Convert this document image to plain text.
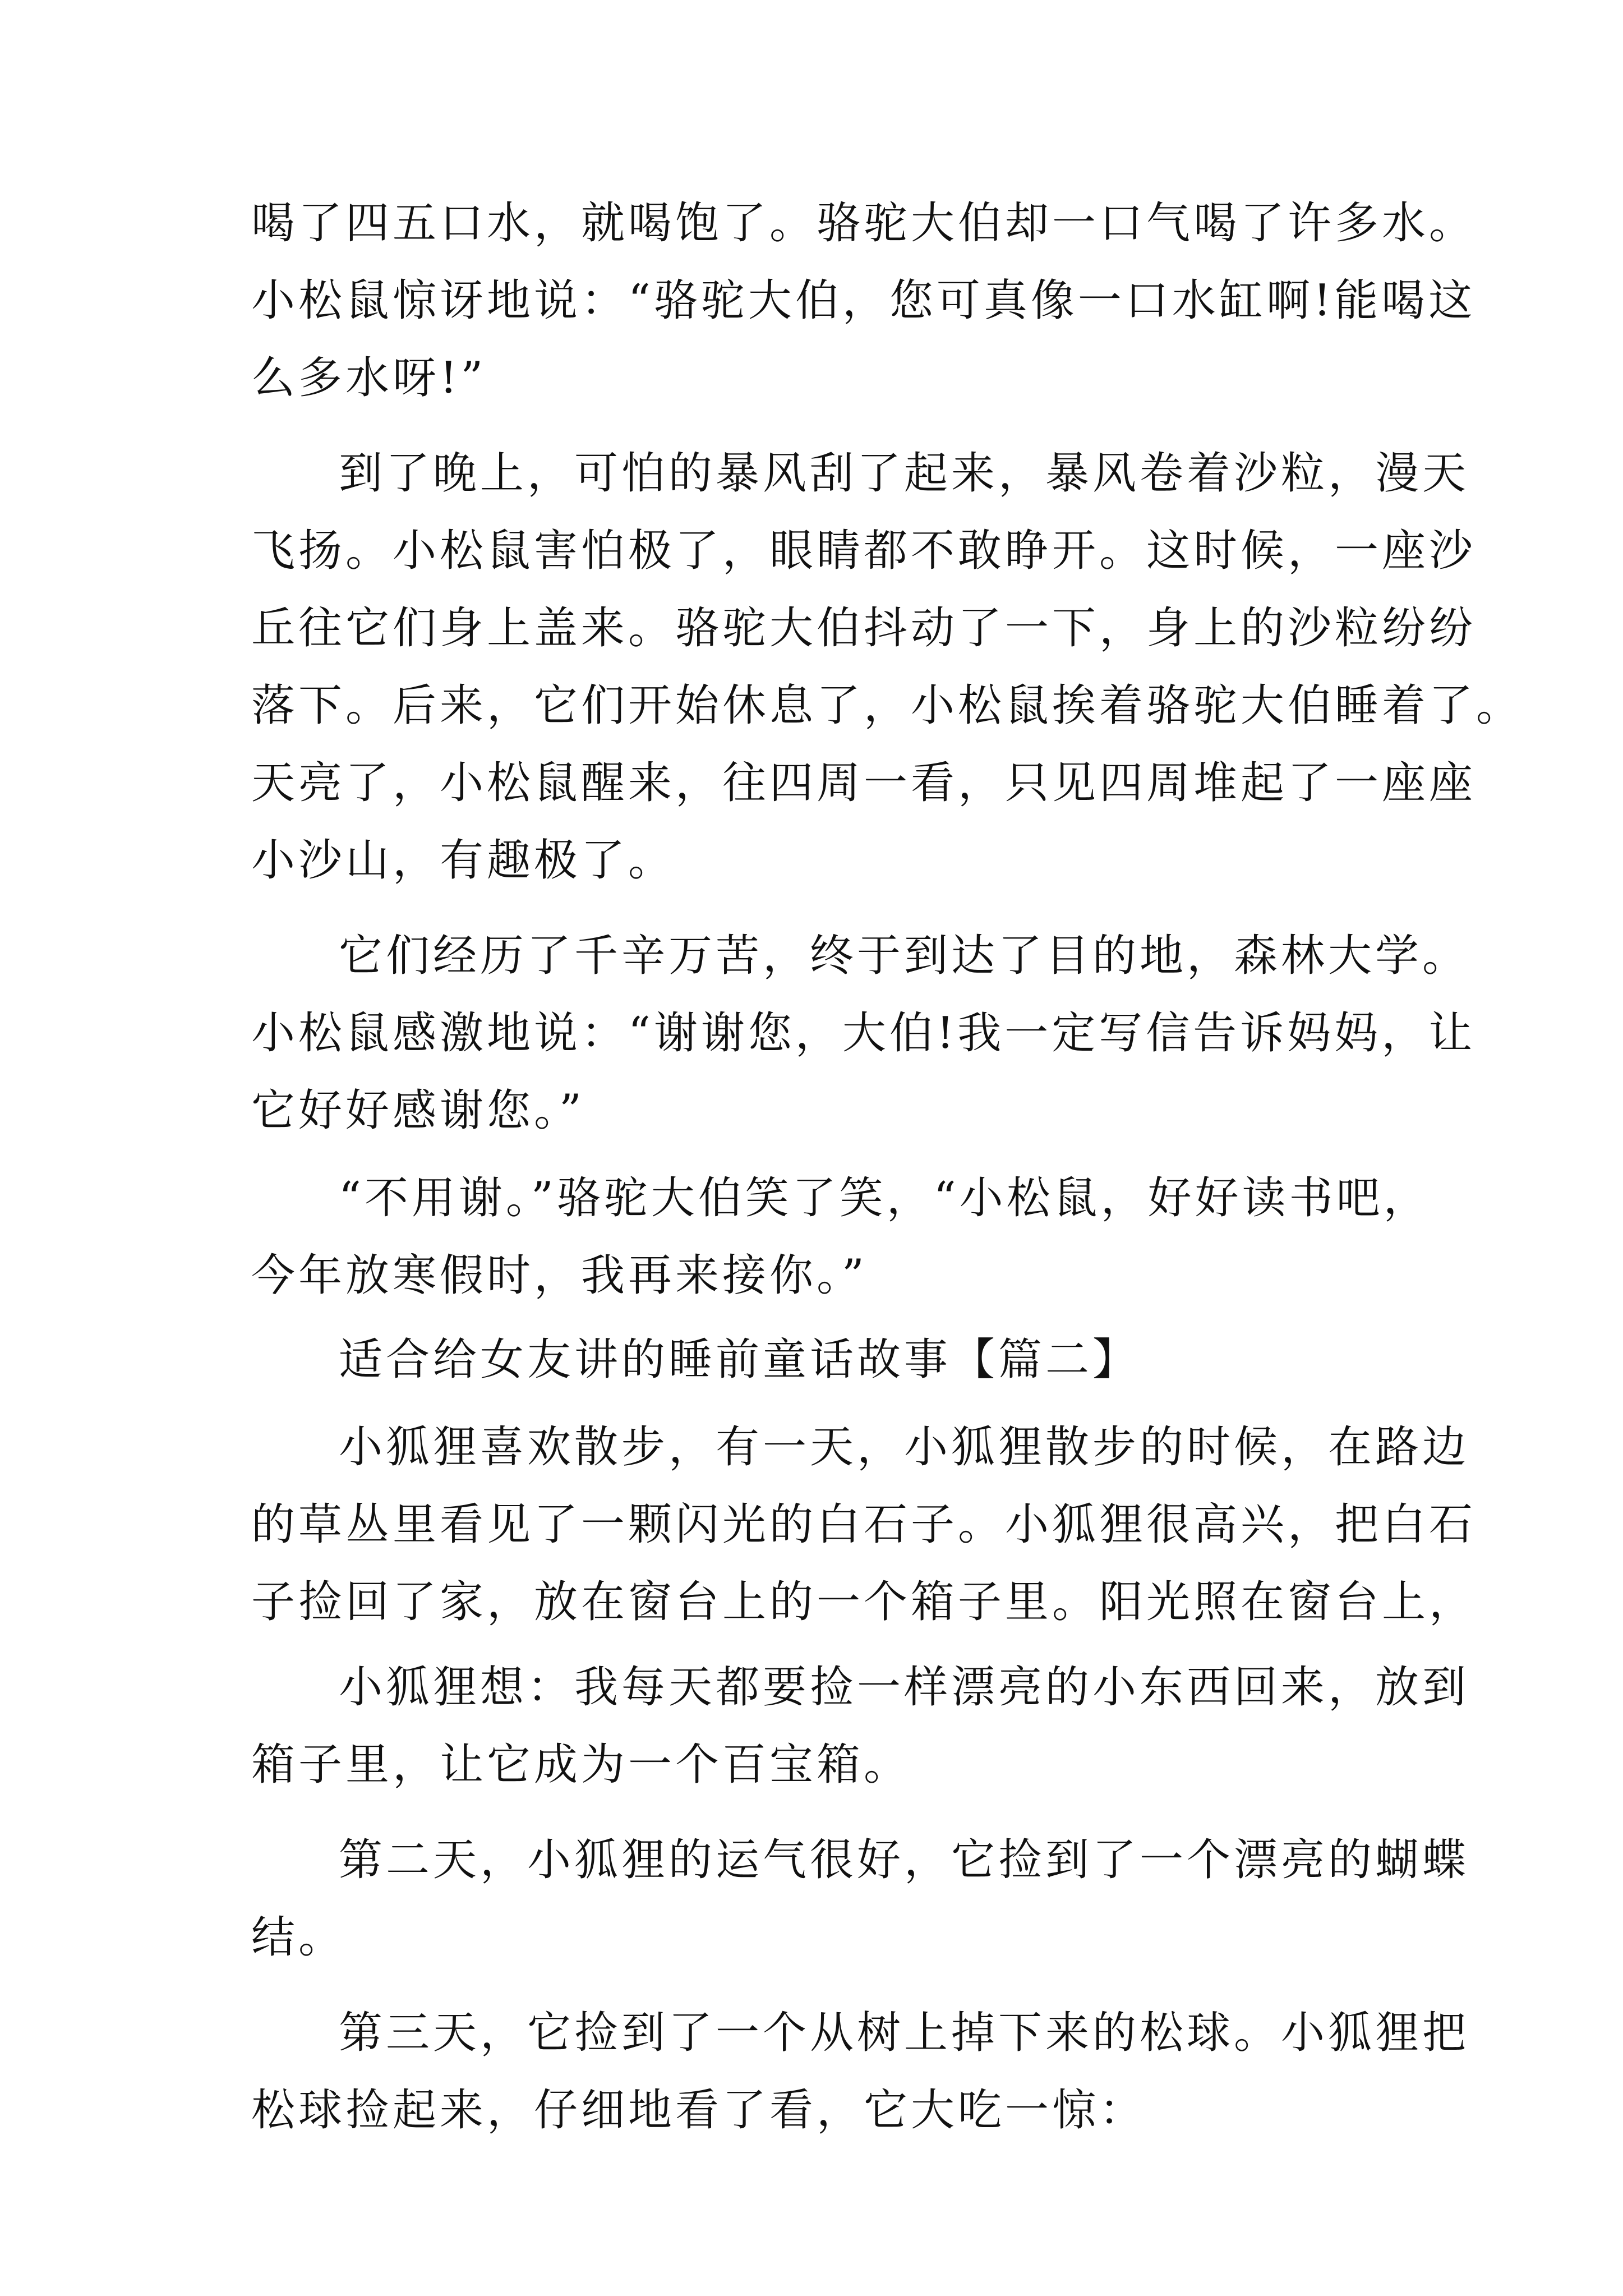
喝了四五口水，就喝饱了。骆驼大伯却一口气喝了许多水。
小松鼠惊讶地说：“骆驼大伯，您可真像一口水缸啊!能喝这
么多水呀!”
到了晚上，可怕的暴风刮了起来，暴风卷着沙粒，漫天
飞扬。小松鼠害怕极了，眼睛都不敢睁开。这时候，一座沙
丘往它们身上盖来。骆驼大伯抖动了一下，身上的沙粒纷纷
落下。后来，它们开始休息了，小松鼠挨着骆驼大伯睡着了。
天亮了，小松鼠醒来，往四周一看，只见四周堆起了一座座
小沙山，有趣极了。
它们经历了千辛万苦，终于到达了目的地，森林大学。
小松鼠感激地说：“谢谢您，大伯!我一定写信告诉妈妈，让
它好好感谢您。”
“不用谢。”骆驼大伯笑了笑，“小松鼠，好好读书吧，
今年放寒假时，我再来接你。”
适合给女友讲的睡前童话故事【篇二】
小狐狸喜欢散步，有一天，小狐狸散步的时候，在路边
的草丛里看见了一颗闪光的白石子。小狐狸很高兴，把白石
子捡回了家，放在窗台上的一个箱子里。阳光照在窗台上，
小狐狸想：我每天都要捡一样漂亮的小东西回来，放到
箱子里，让它成为一个百宝箱。
第二天，小狐狸的运气很好，它捡到了一个漂亮的蝴蝶
结。
第三天，它捡到了一个从树上掉下来的松球。小狐狸把
松球捡起来，仔细地看了看，它大吃一惊：
